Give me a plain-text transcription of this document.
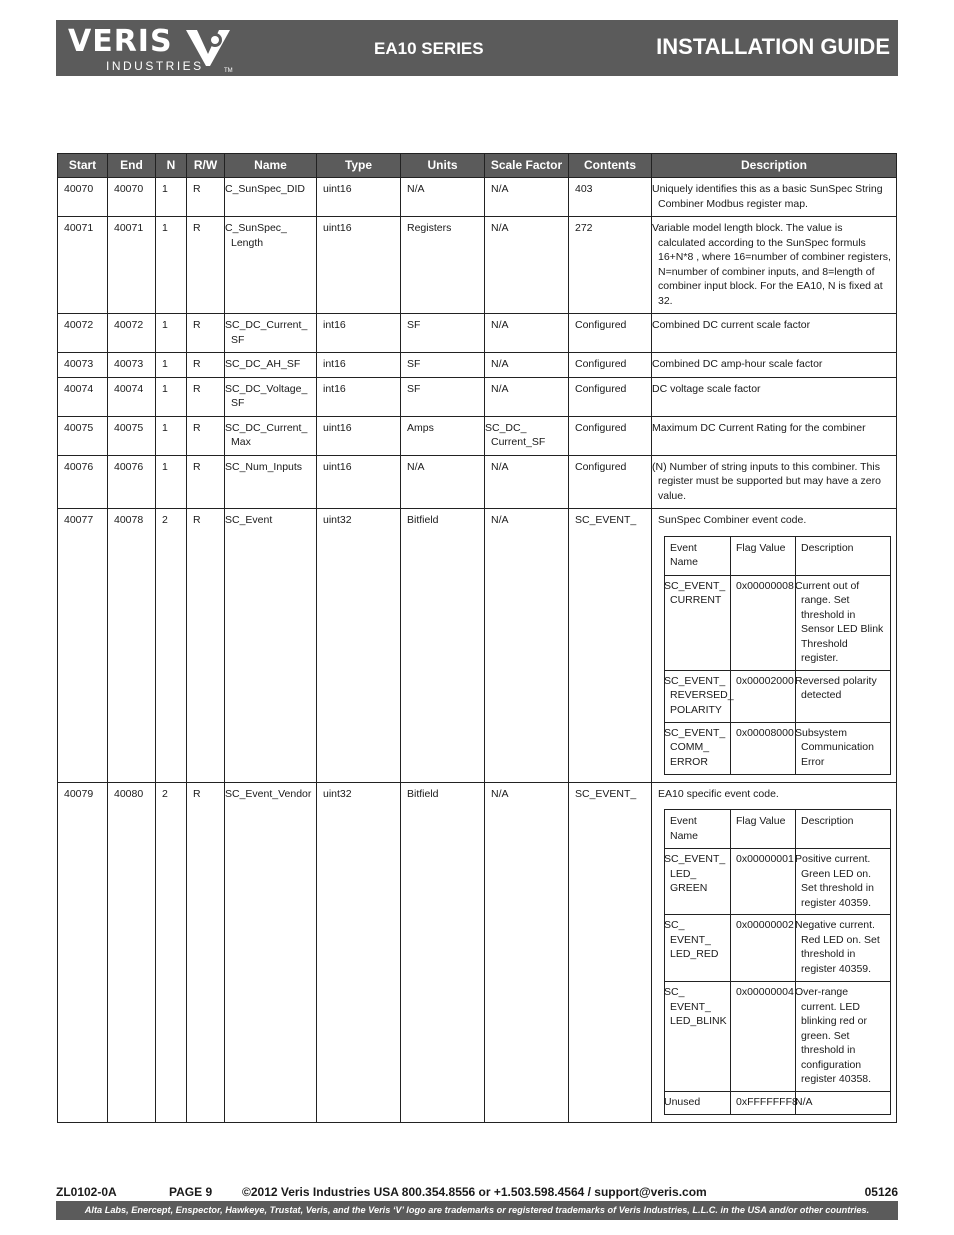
VERIS
INDUSTRIES	TM
EA10 SERIES	INSTALLATION GUIDE
Start	End	N	R/W	Name	Type	Units	Scale Factor	Contents	Description
40070	40070	1	R	C_SunSpec_DID	uint16	N/A	N/A	403	Uniquely identifies this as a basic SunSpec String Combiner Modbus register map.
40071	40071	1	R	C_SunSpec_ Length	uint16	Registers	N/A	272	Variable model length block. The value is calculated according to the SunSpec formuls 16+N*8 , where 16=number of combiner registers, N=number of combiner inputs, and 8=length of combiner input block. For the EA10, N is fixed at 32.
40072	40072	1	R	SC_DC_Current_ SF	int16	SF	N/A	Configured	Combined DC current scale factor
40073	40073	1	R	SC_DC_AH_SF	int16	SF	N/A	Configured	Combined DC amp-hour scale factor
40074	40074	1	R	SC_DC_Voltage_ SF	int16	SF	N/A	Configured	DC voltage scale factor
40075	40075	1	R	SC_DC_Current_ Max	uint16	Amps	SC_DC_ Current_SF	Configured	Maximum DC Current Rating for the combiner
40076	40076	1	R	SC_Num_Inputs	uint16	N/A	N/A	Configured	(N) Number of string inputs to this combiner. This register must be supported but may have a zero value.
40077	40078	2	R	SC_Event	uint32	Bitfield	N/A	SC_EVENT_	SunSpec Combiner event code.
Event Name	Flag Value	Description
SC_EVENT_ CURRENT	0x00000008	Current out of range. Set threshold in Sensor LED Blink Threshold register.
SC_EVENT_ REVERSED_ POLARITY	0x00002000	Reversed polarity detected
SC_EVENT_ COMM_ ERROR	0x00008000	Subsystem Communication Error

40079	40080	2	R	SC_Event_Vendor	uint32	Bitfield	N/A	SC_EVENT_	EA10 specific event code.
Event Name	Flag Value	Description
SC_EVENT_ LED_ GREEN	0x00000001	Positive current. Green LED on. Set threshold in register 40359.
SC_ EVENT_ LED_RED	0x00000002	Negative current. Red LED on. Set threshold in register 40359.
SC_ EVENT_ LED_BLINK	0x00000004	Over-range current. LED blinking red or green. Set threshold in configuration register 40358.
Unused	0xFFFFFFF8	N/A
ZL0102-0A	PAGE 9 ©2012 Veris Industries USA 800.354.8556 or +1.503.598.4564 / support@veris.com	05126
Alta Labs, Enercept, Enspector, Hawkeye, Trustat, Veris, and the Veris ‘V’ logo are trademarks or registered trademarks of Veris Industries, L.L.C. in the USA and/or other countries.
